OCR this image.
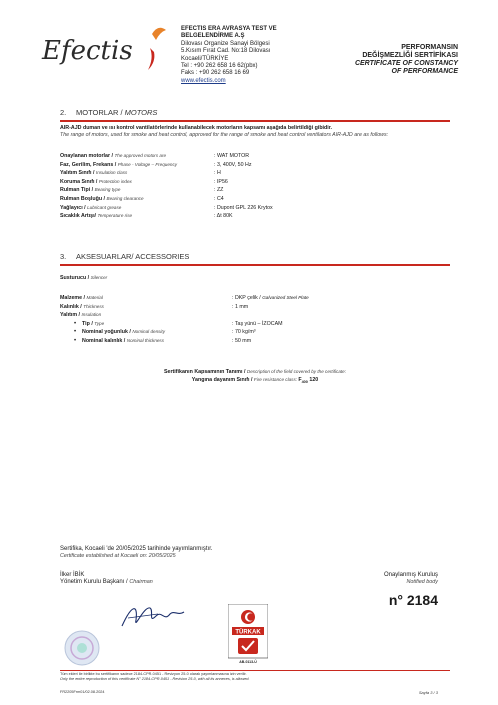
Efectis
EFECTIS ERA AVRASYA TEST VE
BELGELENDİRME A.Ş
Dilovası Organize Sanayi Bölgesi
5.Kısım Fırat Cad. No:18 Dilovası
Kocaeli/TÜRKİYE
Tel : +90 262 658 16 62(pbx)
Faks : +90 262 658 16 69
www.efectis.com
PERFORMANSIN
DEĞİŞMEZLİĞİ SERTİFİKASI
CERTIFICATE OF CONSTANCY
OF PERFORMANCE
2. MOTORLAR / MOTORS
AIR-AJD duman ve ısı kontrol vantilatörlerinde kullanabilecek motorların kapsamı aşağıda belirtildiği gibidir.
The range of motors, used for smoke and heat control, approved for the range of smoke and heat control ventilators AIR-AJD are as follows:
Onaylanan motorlar / The approved motors are	: WAT MOTOR
Faz, Gerilim, Frekans / Phase - Voltage – Frequency	: 3, 400V, 50 Hz
Yalıtım Sınıfı / Insulation class	: H
Koruma Sınıfı / Protection index	: IP56
Rulman Tipi / Bearing type	: ZZ
Rulman Boşluğu / Bearing clearance	: C4
Yağlayıcı / Lubricant grease	: Dupont GPL 226 Krytox
Sıcaklık Artışı/ Temperature rise	: Δt 80K
3. AKSESUARLAR/ ACCESSORIES
Susturucu / Silencer
Malzeme / Material	: DKP çelik / Galvanized Steel Plate
Kalınlık / Thickness	: 1 mm
Yalıtım / Insulation
• Tip / Type	: Taş yünü – İZOCAM
• Nominal yoğunluk / Nominal density	: 70 kg/m³
• Nominal kalınlık / Nominal thickness	: 50 mm
Sertifikanın Kapsamının Tanımı / Description of the field covered by the certificate:
Yangına dayanım Sınıfı / Fire resistance class: $F_{400}$ 120
Sertifika, Kocaeli 'de 20/05/2025 tarihinde yayımlanmıştır.
Certificate established at Kocaeli on: 20/05/2025
İlker İBİK
Yönetim Kurulu Başkanı / Chairman
Onaylanmış Kuruluş
Notified body
n° 2184
TÜRKAK
AB-0113-Ü
Tüm ekleri ile birlikte bu sertifikanın sadece 2184-CPR-0451 - Revizyon 25-0 olarak yayımlanmasına izin verilir.
Only the entire reproduction of this certificate N° 2184-CPR-0451 - Revision 25-0, with all its annexes, is allowed.
FR2205Frm01/02.08.2024	Sayfa 3 / 3
